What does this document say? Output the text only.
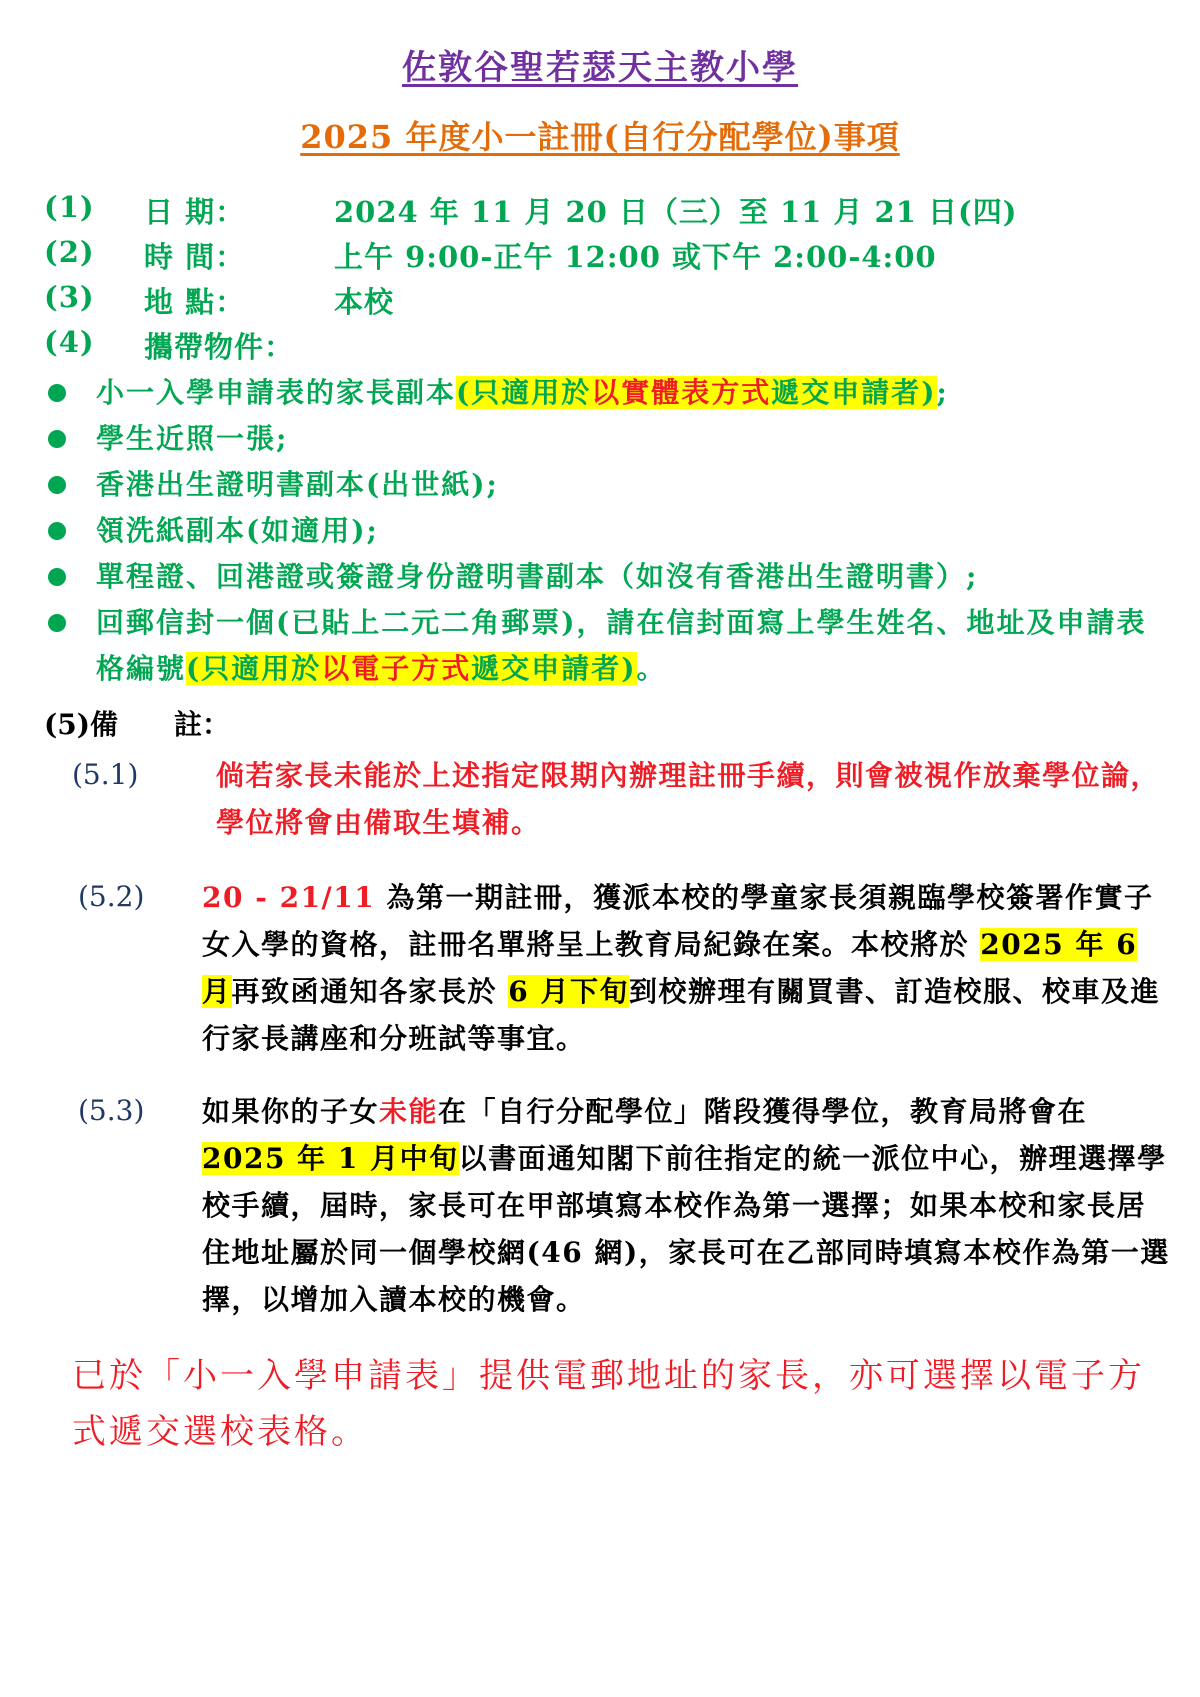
佐敦谷聖若瑟天主教小學
2025 年度小一註冊(自行分配學位)事項
(1) 日 期：	2024 年 11 月 20 日（三）至 11 月 21 日(四)
(2) 時 間：	上午 9:00-正午 12:00 或下午 2:00-4:00
(3) 地 點：	本校
(4) 攜帶物件：
小一入學申請表的家長副本(只適用於以實體表方式遞交申請者);
學生近照一張;
香港出生證明書副本(出世紙);
領洗紙副本(如適用);
單程證、回港證或簽證身份證明書副本（如沒有香港出生證明書）;
回郵信封一個(已貼上二元二角郵票)，請在信封面寫上學生姓名、地址及申請表格編號(只適用於以電子方式遞交申請者)。
(5)備　　註：
(5.1)	倘若家長未能於上述指定限期內辦理註冊手續，則會被視作放棄學位論，學位將會由備取生填補。
(5.2) 20 - 21/11 為第一期註冊，獲派本校的學童家長須親臨學校簽署作實子女入學的資格，註冊名單將呈上教育局紀錄在案。本校將於 2025 年 6 月再致函通知各家長於 6 月下旬到校辦理有關買書、訂造校服、校車及進行家長講座和分班試等事宜。
(5.3) 如果你的子女未能在「自行分配學位」階段獲得學位，教育局將會在 2025 年 1 月中旬以書面通知閣下前往指定的統一派位中心，辦理選擇學校手續，屆時，家長可在甲部填寫本校作為第一選擇；如果本校和家長居住地址屬於同一個學校網(46 網)，家長可在乙部同時填寫本校作為第一選擇，以增加入讀本校的機會。
已於「小一入學申請表」提供電郵地址的家長，亦可選擇以電子方式遞交選校表格。
